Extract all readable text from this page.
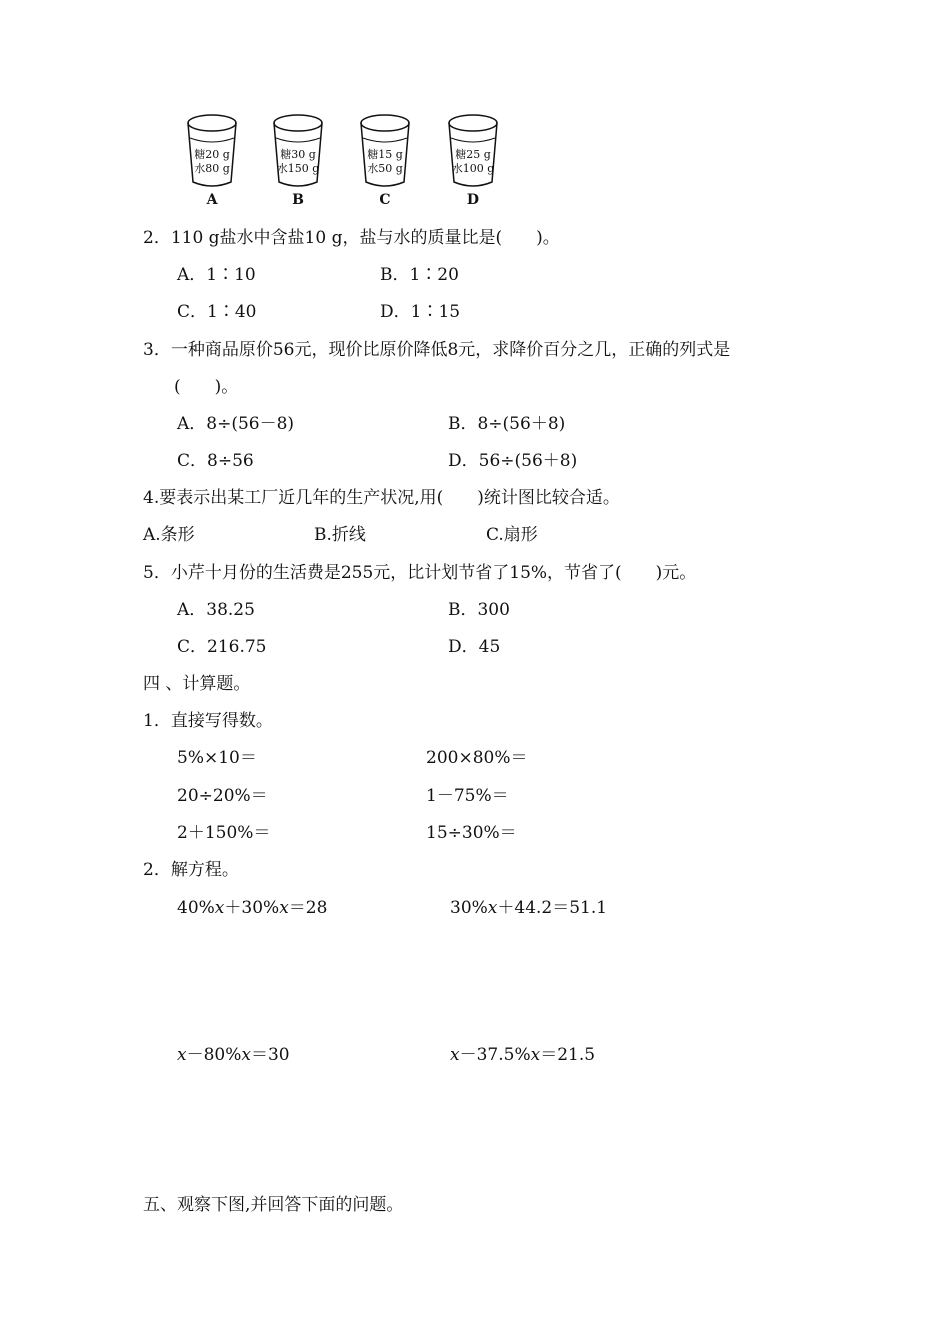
糖20 g
水80 g
A
糖30 g
水150 g
B
糖15 g
水50 g
C
糖25 g
水100 g
D
2．110 g盐水中含盐10 g，盐与水的质量比是(　　)。
A．1∶10	B．1∶20
C．1∶40	D．1∶15
3．一种商品原价56元，现价比原价降低8元，求降价百分之几，正确的列式是
(　　)。
A．8÷(56－8)	B．8÷(56＋8)
C．8÷56	D．56÷(56＋8)
4.要表示出某工厂近几年的生产状况,用(　　)统计图比较合适。
A.条形	B.折线	C.扇形
5．小芹十月份的生活费是255元，比计划节省了15%，节省了(　　)元。
A．38.25	B．300
C．216.75	D．45
四 、计算题。
1．直接写得数。
5%×10＝	200×80%＝
20÷20%＝	1－75%＝
2＋150%＝	15÷30%＝
2．解方程。
40%x＋30%x＝28	30%x＋44.2＝51.1
x－80%x＝30	x－37.5%x＝21.5
五、观察下图,并回答下面的问题。
